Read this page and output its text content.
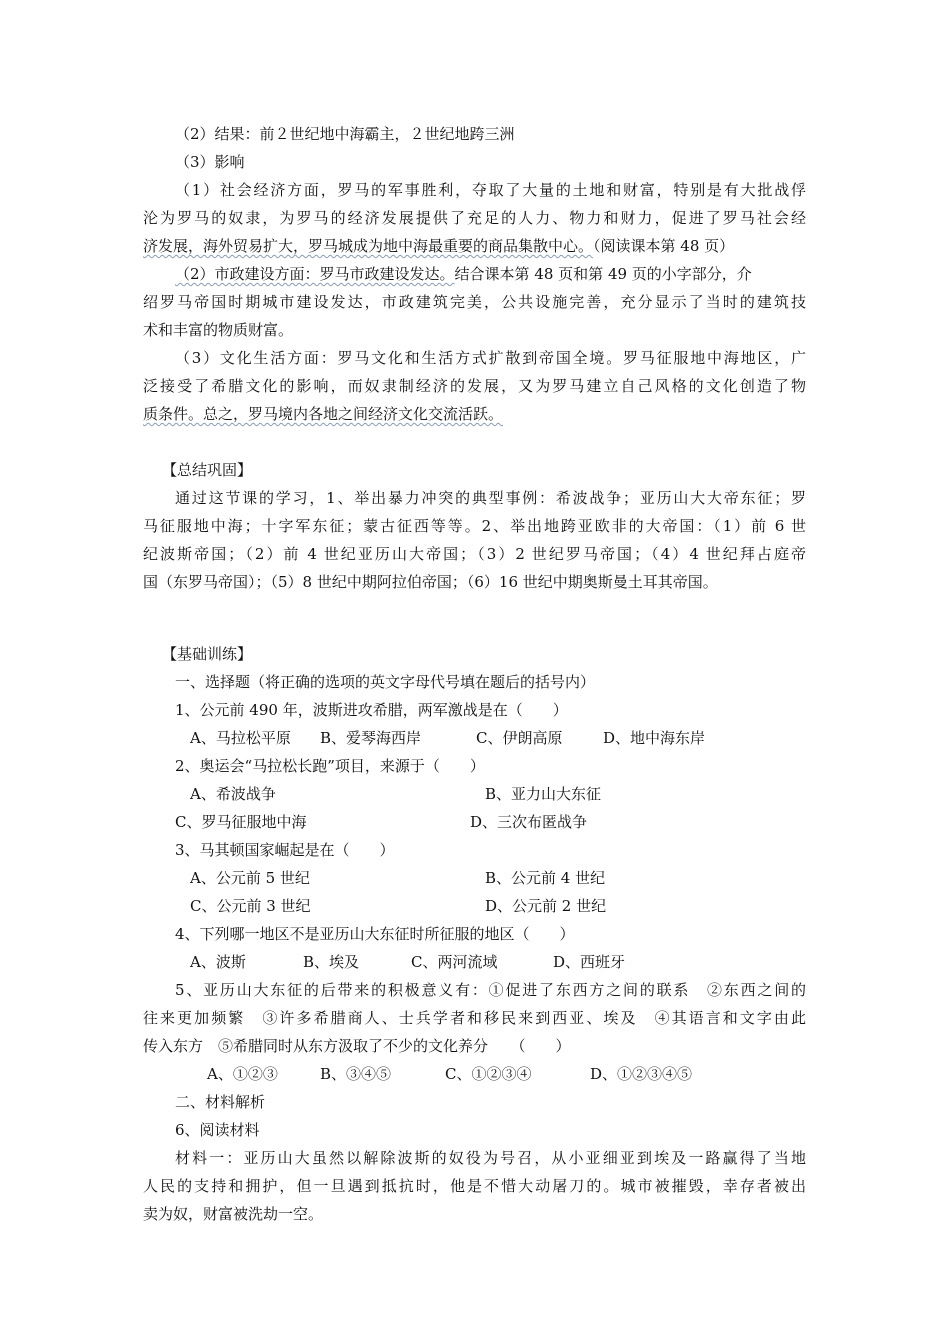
（2）结果：前２世纪地中海霸主，２世纪地跨三洲
（3）影响
（1）社会经济方面，罗马的军事胜利，夺取了大量的土地和财富，特别是有大批战俘
沦为罗马的奴隶，为罗马的经济发展提供了充足的人力、物力和财力，促进了罗马社会经
济发展，海外贸易扩大，罗马城成为地中海最重要的商品集散中心。（阅读课本第 48 页）
（2）市政建设方面：罗马市政建设发达。结合课本第 48 页和第 49 页的小字部分，介
绍罗马帝国时期城市建设发达，市政建筑完美，公共设施完善，充分显示了当时的建筑技
术和丰富的物质财富。
（3）文化生活方面：罗马文化和生活方式扩散到帝国全境。罗马征服地中海地区，广
泛接受了希腊文化的影响，而奴隶制经济的发展，又为罗马建立自己风格的文化创造了物
质条件。总之，罗马境内各地之间经济文化交流活跃。
【总结巩固】
通过这节课的学习，1、举出暴力冲突的典型事例：希波战争；亚历山大大帝东征；罗
马征服地中海；十字军东征；蒙古征西等等。2、举出地跨亚欧非的大帝国：（1）前 6 世
纪波斯帝国；（2）前 4 世纪亚历山大帝国；（3）2 世纪罗马帝国；（4）4 世纪拜占庭帝
国（东罗马帝国）；（5）8 世纪中期阿拉伯帝国；（6）16 世纪中期奥斯曼土耳其帝国。
【基础训练】
一、选择题（将正确的选项的英文字母代号填在题后的括号内）
1、公元前 490 年，波斯进攻希腊，两军激战是在（　　）
A、马拉松平原 B、爱琴海西岸	C、伊朗高原	D、地中海东岸
2、奥运会“马拉松长跑”项目，来源于（　　）
A、希波战争	B、亚力山大东征
C、罗马征服地中海	D、三次布匿战争
3、马其顿国家崛起是在（　　）
A、公元前 5 世纪	B、公元前 4 世纪
C、公元前 3 世纪	D、公元前 2 世纪
4、下列哪一地区不是亚历山大东征时所征服的地区（　　）
A、波斯	B、埃及	C、两河流域	D、西班牙
5、亚历山大东征的后带来的积极意义有：①促进了东西方之间的联系　②东西之间的
往来更加频繁　③许多希腊商人、士兵学者和移民来到西亚、埃及　④其语言和文字由此
传入东方　⑤希腊同时从东方汲取了不少的文化养分　　（　　）
A、①②③	B、③④⑤	C、①②③④	D、①②③④⑤
二、材料解析
6、阅读材料
材料一：亚历山大虽然以解除波斯的奴役为号召，从小亚细亚到埃及一路赢得了当地
人民的支持和拥护，但一旦遇到抵抗时，他是不惜大动屠刀的。城市被摧毁，幸存者被出
卖为奴，财富被洗劫一空。
